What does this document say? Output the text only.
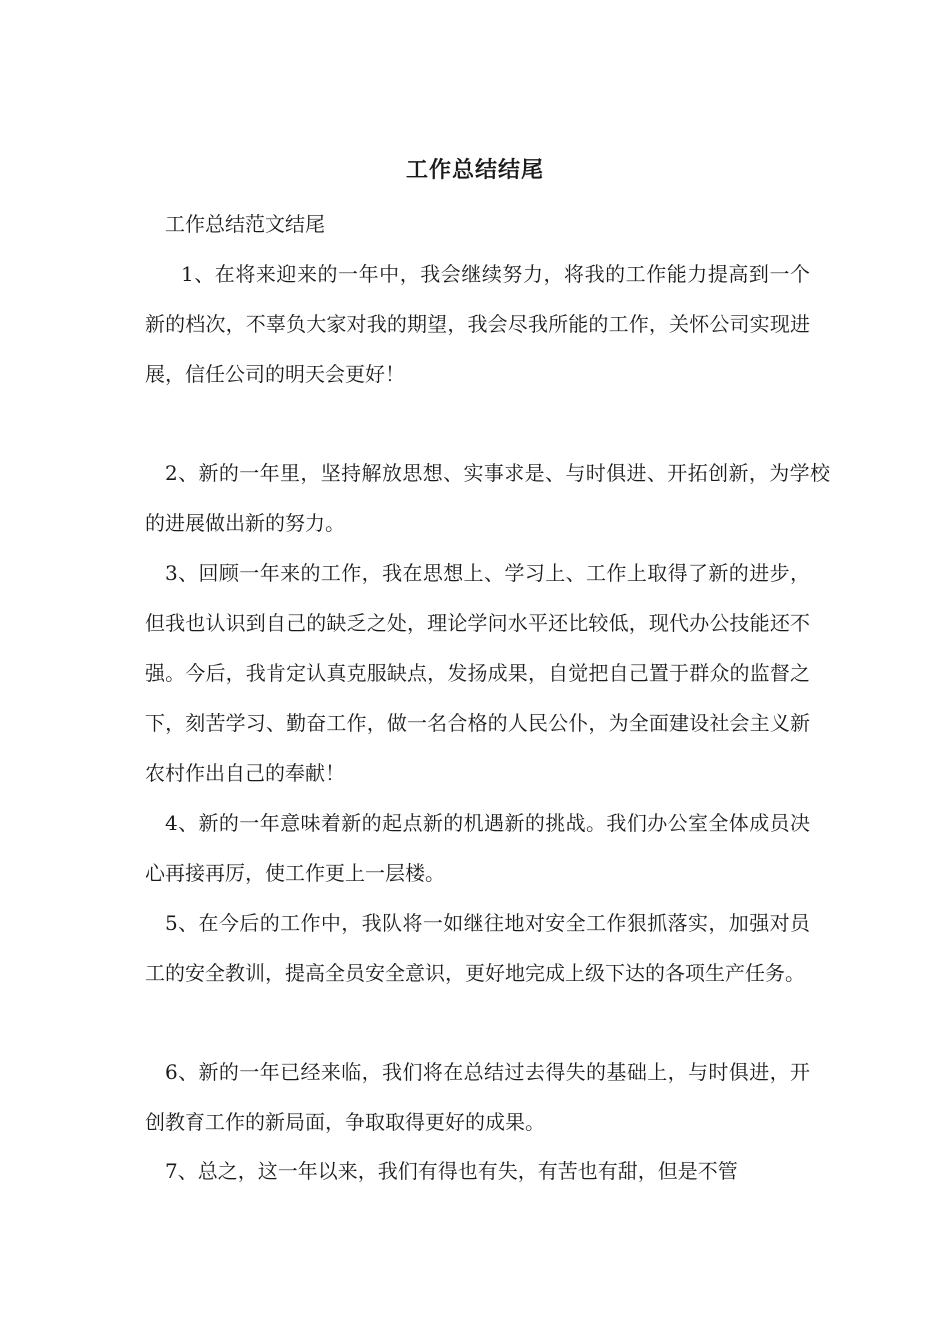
工作总结结尾
工作总结范文结尾

1、在将来迎来的一年中，我会继续努力，将我的工作能力提高到一个新的档次，不辜负大家对我的期望，我会尽我所能的工作，关怀公司实现进展，信任公司的明天会更好！

2、新的一年里，坚持解放思想、实事求是、与时俱进、开拓创新，为学校的进展做出新的努力。

3、回顾一年来的工作，我在思想上、学习上、工作上取得了新的进步，但我也认识到自己的缺乏之处，理论学问水平还比较低，现代办公技能还不强。今后，我肯定认真克服缺点，发扬成果，自觉把自己置于群众的监督之下，刻苦学习、勤奋工作，做一名合格的人民公仆，为全面建设社会主义新农村作出自己的奉献！

4、新的一年意味着新的起点新的机遇新的挑战。我们办公室全体成员决心再接再厉，使工作更上一层楼。

5、在今后的工作中，我队将一如继往地对安全工作狠抓落实，加强对员工的安全教训，提高全员安全意识，更好地完成上级下达的各项生产任务。

6、新的一年已经来临，我们将在总结过去得失的基础上，与时俱进，开创教育工作的新局面，争取取得更好的成果。

7、总之，这一年以来，我们有得也有失，有苦也有甜，但是不管
